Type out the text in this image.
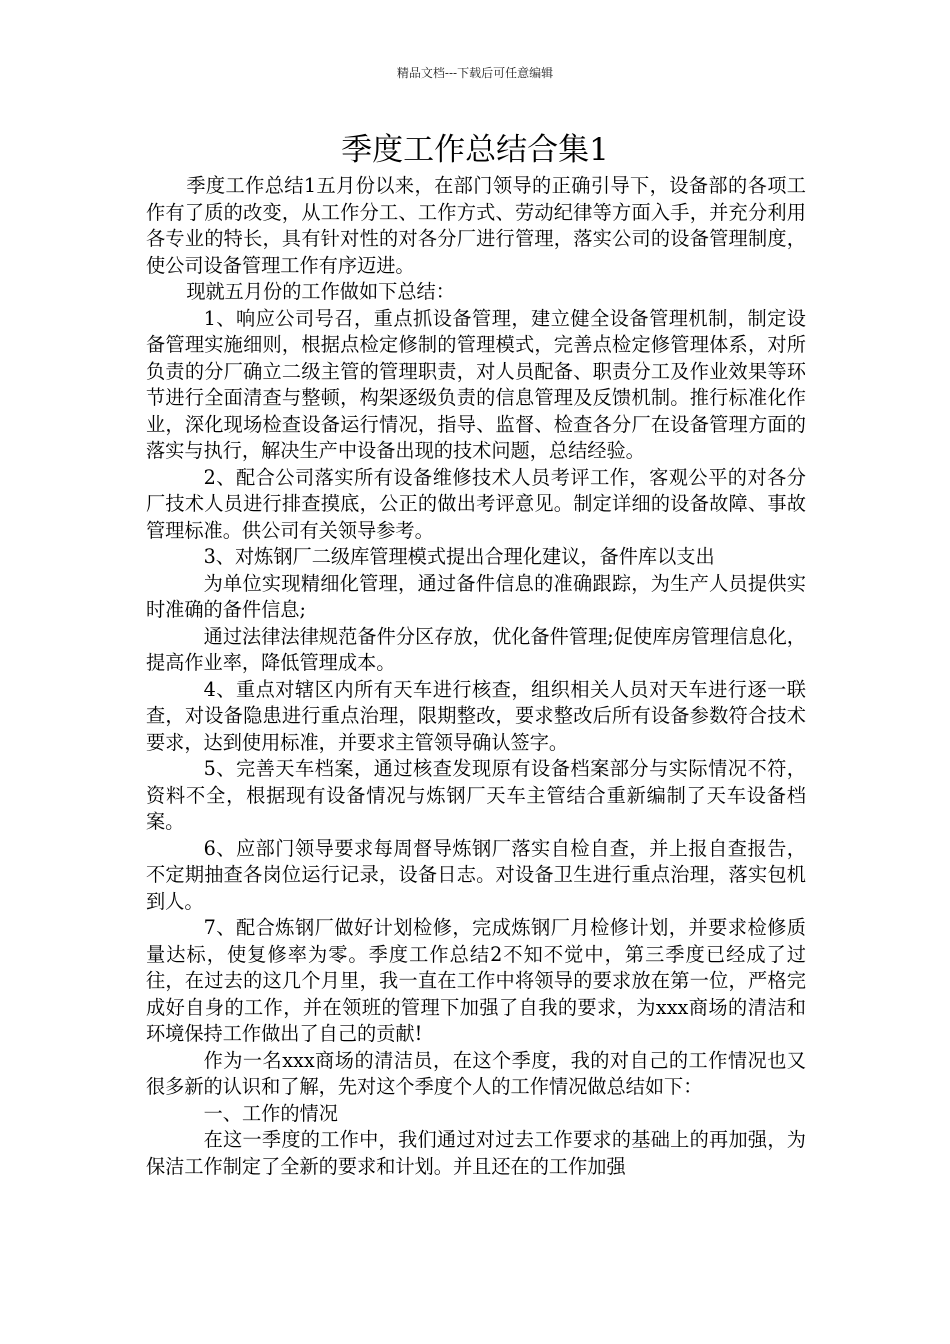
精品文档---下载后可任意编辑
季度工作总结合集1

季度工作总结1五月份以来，在部门领导的正确引导下，设备部的各项工作有了质的改变，从工作分工、工作方式、劳动纪律等方面入手，并充分利用各专业的特长，具有针对性的对各分厂进行管理，落实公司的设备管理制度，使公司设备管理工作有序迈进。

现就五月份的工作做如下总结：

1、响应公司号召，重点抓设备管理，建立健全设备管理机制，制定设备管理实施细则，根据点检定修制的管理模式，完善点检定修管理体系，对所负责的分厂确立二级主管的管理职责，对人员配备、职责分工及作业效果等环节进行全面清查与整顿，构架逐级负责的信息管理及反馈机制。推行标准化作业，深化现场检查设备运行情况，指导、监督、检查各分厂在设备管理方面的落实与执行，解决生产中设备出现的技术问题，总结经验。

2、配合公司落实所有设备维修技术人员考评工作，客观公平的对各分厂技术人员进行排查摸底，公正的做出考评意见。制定详细的设备故障、事故管理标准。供公司有关领导参考。

3、对炼钢厂二级库管理模式提出合理化建议，备件库以支出

为单位实现精细化管理，通过备件信息的准确跟踪，为生产人员提供实时准确的备件信息;

通过法律法律规范备件分区存放，优化备件管理;促使库房管理信息化，提高作业率，降低管理成本。

4、重点对辖区内所有天车进行核查，组织相关人员对天车进行逐一联查，对设备隐患进行重点治理，限期整改，要求整改后所有设备参数符合技术要求，达到使用标准，并要求主管领导确认签字。

5、完善天车档案，通过核查发现原有设备档案部分与实际情况不符，资料不全，根据现有设备情况与炼钢厂天车主管结合重新编制了天车设备档案。

6、应部门领导要求每周督导炼钢厂落实自检自查，并上报自查报告，不定期抽查各岗位运行记录，设备日志。对设备卫生进行重点治理，落实包机到人。

7、配合炼钢厂做好计划检修，完成炼钢厂月检修计划，并要求检修质量达标，使复修率为零。季度工作总结2不知不觉中，第三季度已经成了过往，在过去的这几个月里，我一直在工作中将领导的要求放在第一位，严格完成好自身的工作，并在领班的管理下加强了自我的要求，为xxx商场的清洁和环境保持工作做出了自己的贡献!

作为一名xxx商场的清洁员，在这个季度，我的对自己的工作情况也又很多新的认识和了解，先对这个季度个人的工作情况做总结如下：

一、工作的情况

在这一季度的工作中，我们通过对过去工作要求的基础上的再加强，为保洁工作制定了全新的要求和计划。并且还在的工作加强
